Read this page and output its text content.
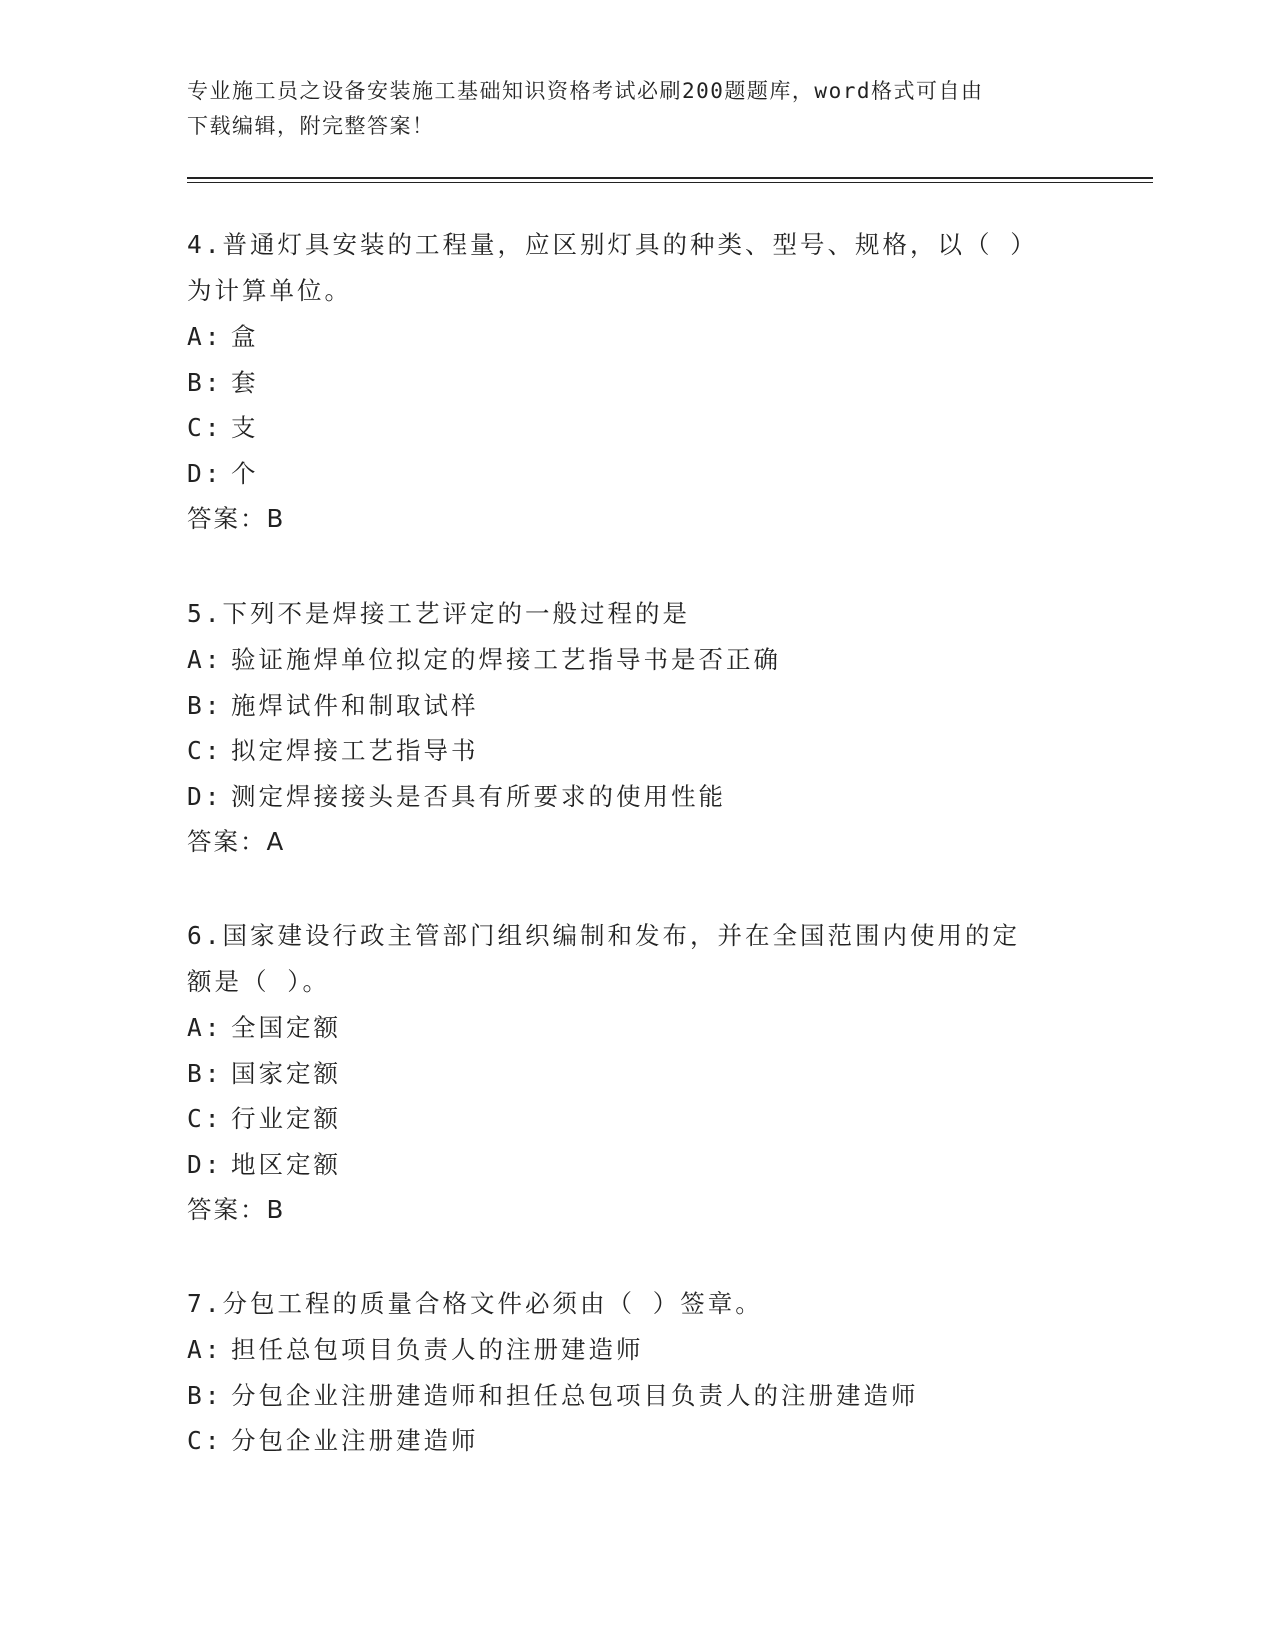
专业施工员之设备安装施工基础知识资格考试必刷200题题库，word格式可自由
下载编辑，附完整答案！
4.普通灯具安装的工程量，应区别灯具的种类、型号、规格，以（ ）
为计算单位。
A: 盒
B: 套
C: 支
D: 个
答案：B
5.下列不是焊接工艺评定的一般过程的是
A: 验证施焊单位拟定的焊接工艺指导书是否正确
B: 施焊试件和制取试样
C: 拟定焊接工艺指导书
D: 测定焊接接头是否具有所要求的使用性能
答案：A
6.国家建设行政主管部门组织编制和发布，并在全国范围内使用的定
额是（ ）。
A: 全国定额
B: 国家定额
C: 行业定额
D: 地区定额
答案：B
7.分包工程的质量合格文件必须由（ ）签章。
A: 担任总包项目负责人的注册建造师
B: 分包企业注册建造师和担任总包项目负责人的注册建造师
C: 分包企业注册建造师
